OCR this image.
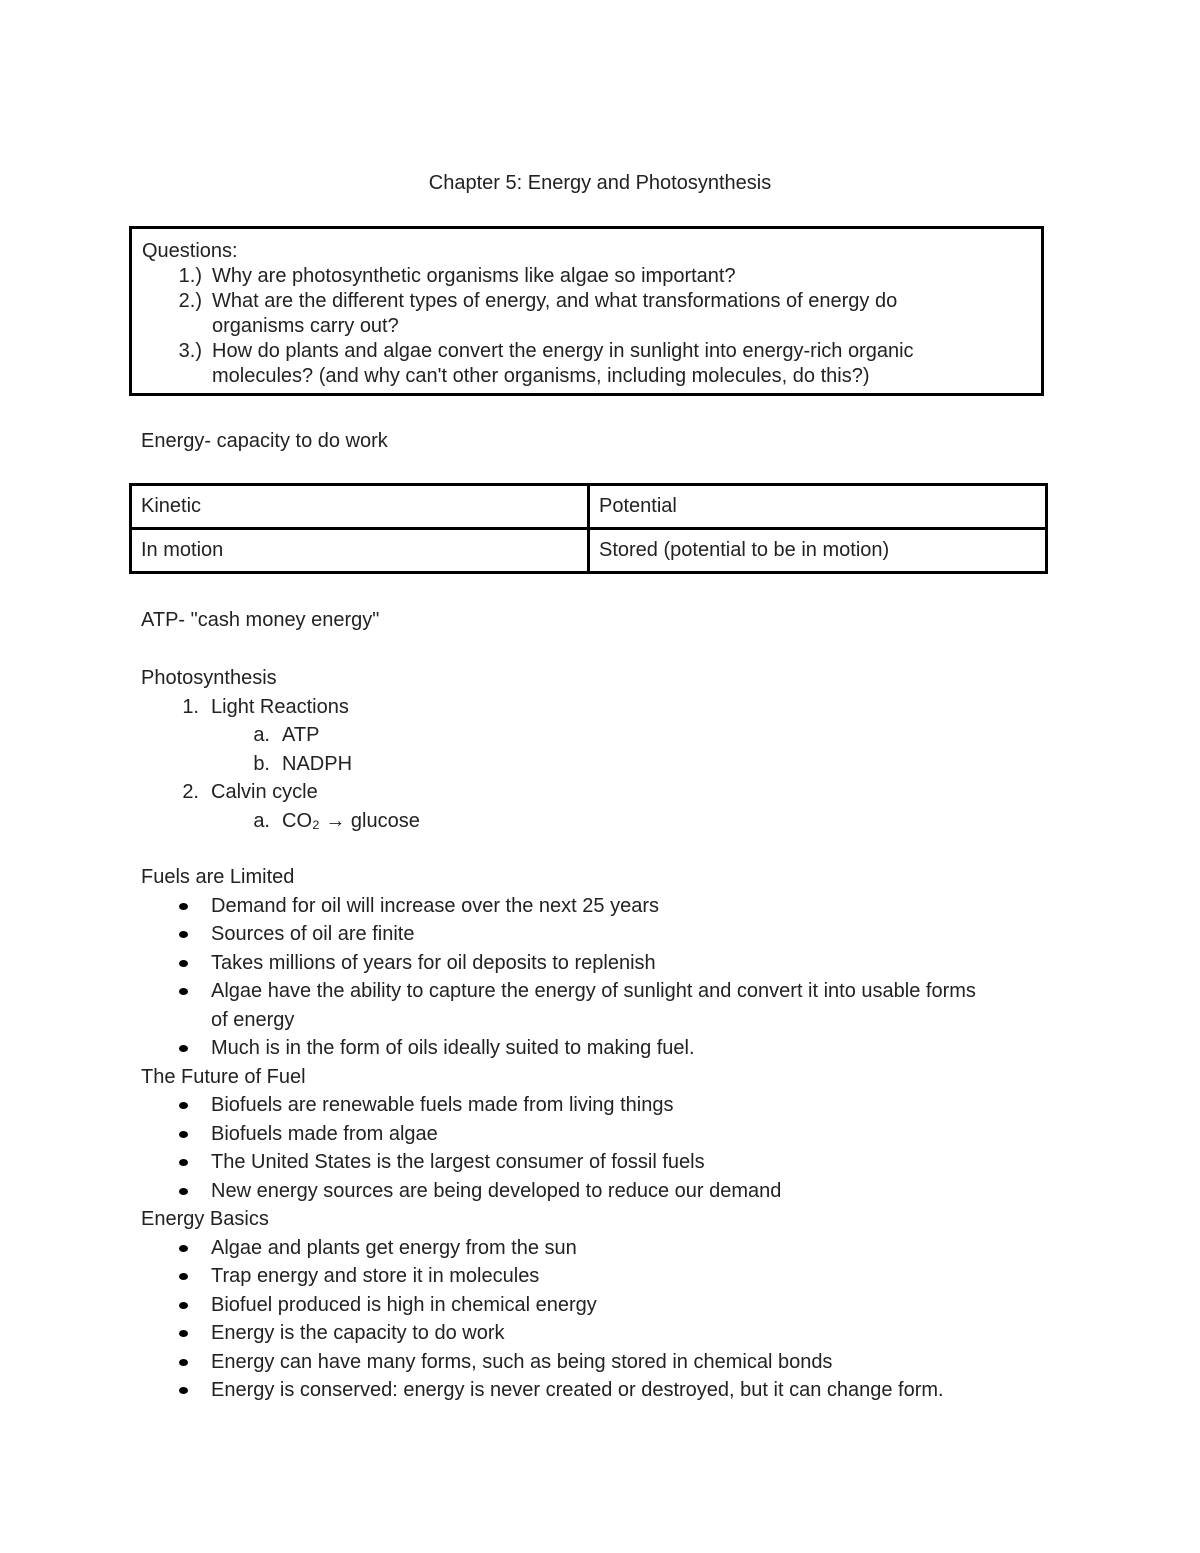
Chapter 5: Energy and Photosynthesis
Questions:
1.) Why are photosynthetic organisms like algae so important?
2.) What are the different types of energy, and what transformations of energy do
organisms carry out?
3.) How do plants and algae convert the energy in sunlight into energy-rich organic
molecules? (and why can't other organisms, including molecules, do this?)
Energy- capacity to do work
Kinetic	Potential
In motion	Stored (potential to be in motion)
ATP- "cash money energy"
Photosynthesis
1. Light Reactions
a. ATP
b. NADPH
2. Calvin cycle
a. CO₂ → glucose
Fuels are Limited
Demand for oil will increase over the next 25 years
Sources of oil are finite
Takes millions of years for oil deposits to replenish
Algae have the ability to capture the energy of sunlight and convert it into usable forms
of energy
Much is in the form of oils ideally suited to making fuel.
The Future of Fuel
Biofuels are renewable fuels made from living things
Biofuels made from algae
The United States is the largest consumer of fossil fuels
New energy sources are being developed to reduce our demand
Energy Basics
Algae and plants get energy from the sun
Trap energy and store it in molecules
Biofuel produced is high in chemical energy
Energy is the capacity to do work
Energy can have many forms, such as being stored in chemical bonds
Energy is conserved: energy is never created or destroyed, but it can change form.
